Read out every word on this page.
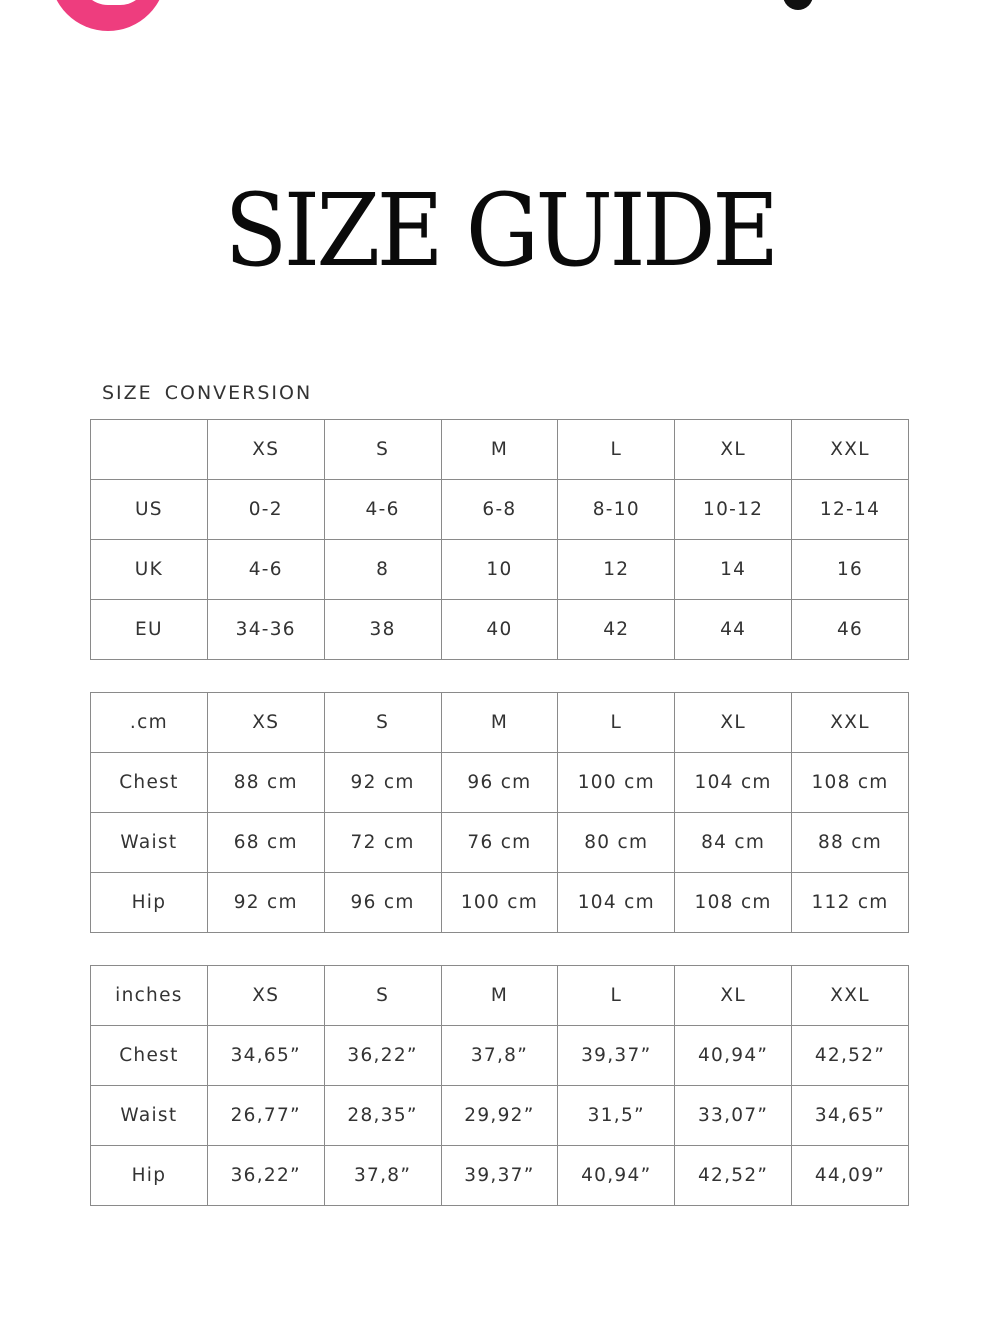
SIZE GUIDE
SIZE CONVERSION
	XS	S	M	L	XL	XXL
US	0-2	4-6	6-8	8-10	10-12	12-14
UK	4-6	8	10	12	14	16
EU	34-36	38	40	42	44	46
.cm	XS	S	M	L	XL	XXL
Chest	88 cm	92 cm	96 cm	100 cm	104 cm	108 cm
Waist	68 cm	72 cm	76 cm	80 cm	84 cm	88 cm
Hip	92 cm	96 cm	100 cm	104 cm	108 cm	112 cm
inches	XS	S	M	L	XL	XXL
Chest	34,65”	36,22”	37,8”	39,37”	40,94”	42,52”
Waist	26,77”	28,35”	29,92”	31,5”	33,07”	34,65”
Hip	36,22”	37,8”	39,37”	40,94”	42,52”	44,09”
